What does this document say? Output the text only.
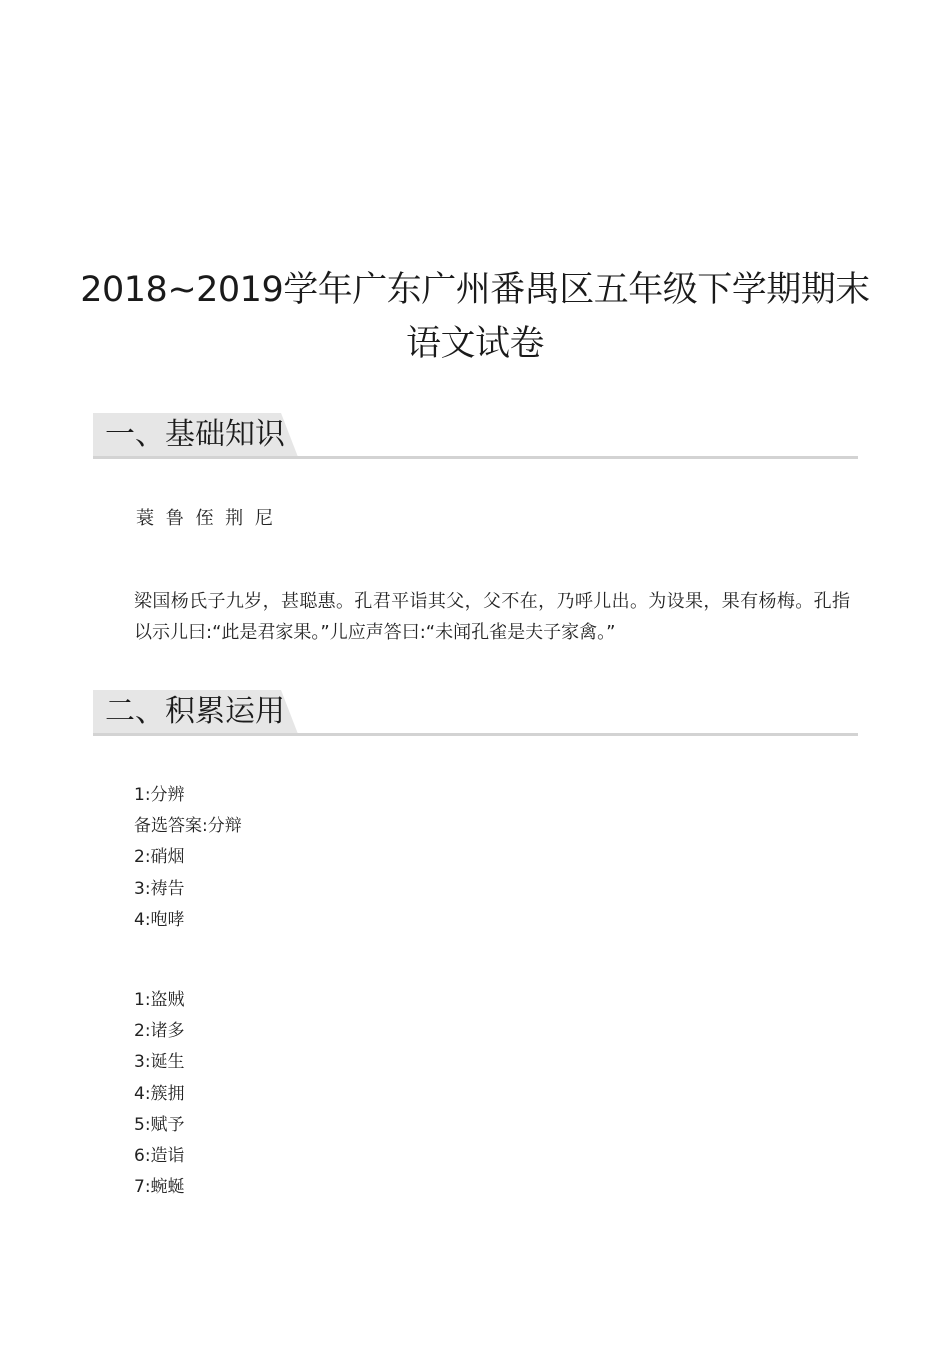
2018~2019学年广东广州番禺区五年级下学期期末
语文试卷
一、基础知识
蓑 鲁 侄 荆 尼
梁国杨氏子九岁，甚聪惠。孔君平诣其父，父不在，乃呼儿出。为设果，果有杨梅。孔指以示儿曰:“此是君家果。”儿应声答曰:“未闻孔雀是夫子家禽。”
二、积累运用
1:分辨
备选答案:分辩
2:硝烟
3:祷告
4:咆哮
1:盗贼
2:诸多
3:诞生
4:簇拥
5:赋予
6:造诣
7:蜿蜒
